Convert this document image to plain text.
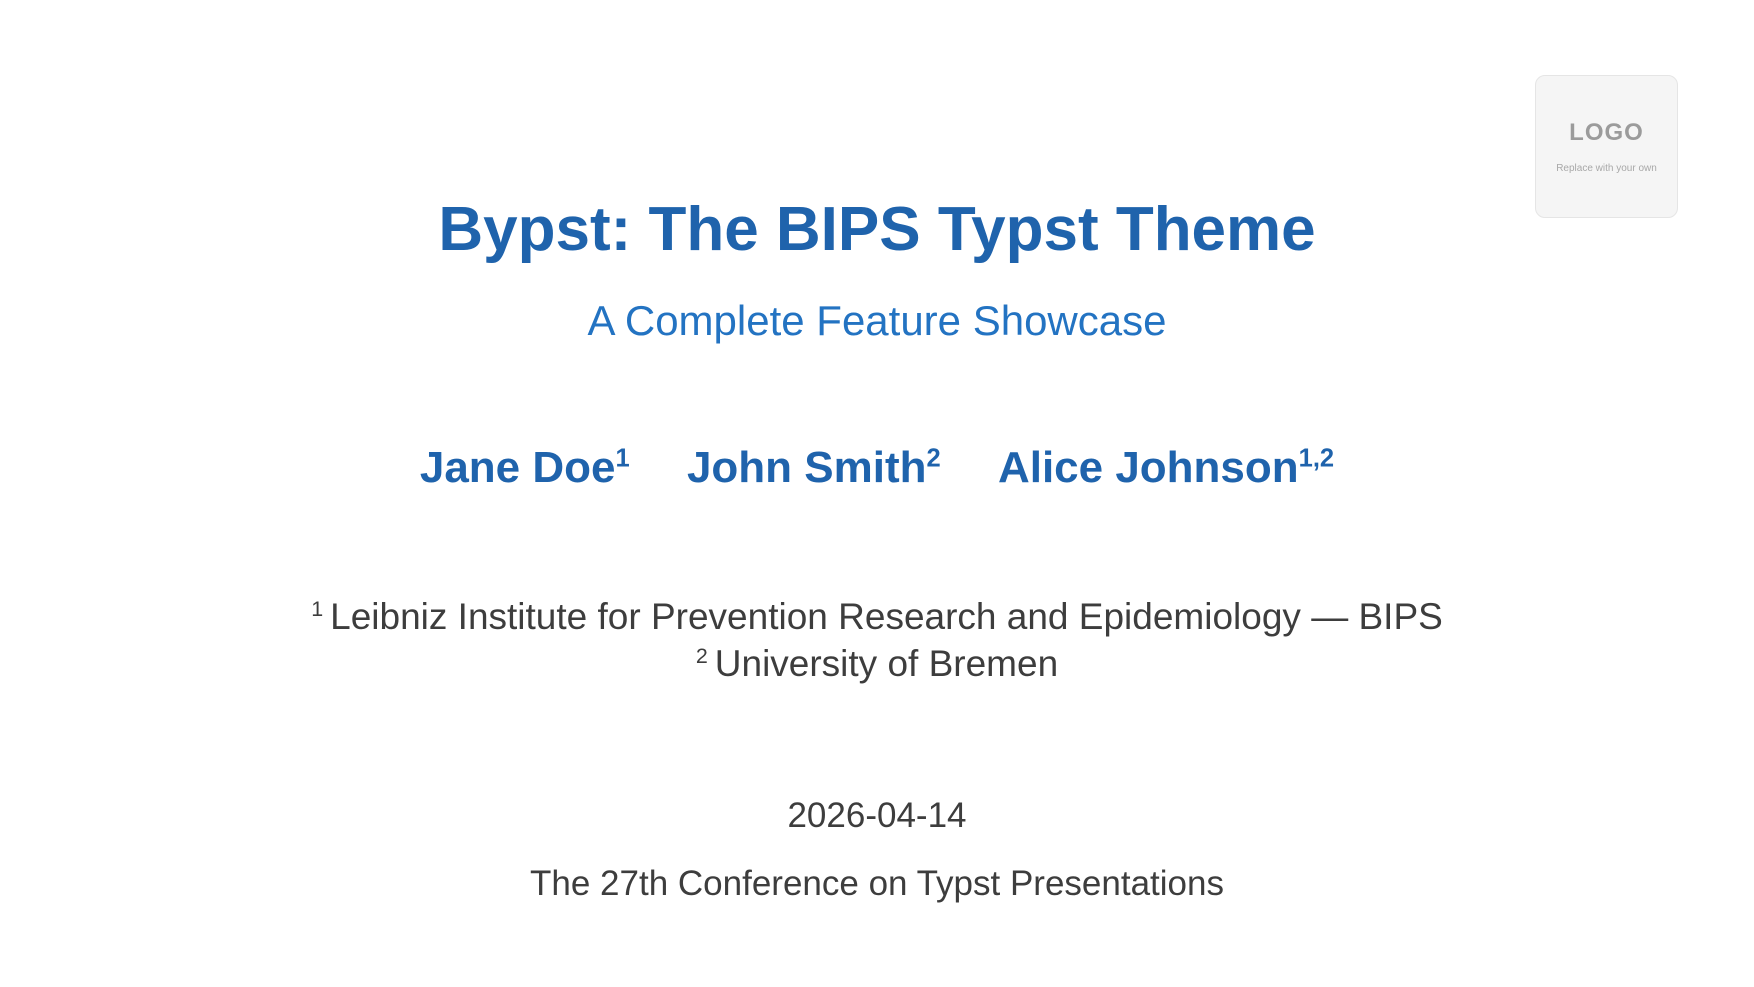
LOGO
Replace with your own
Bypst: The BIPS Typst Theme
A Complete Feature Showcase
Jane Doe$^1$ John Smith$^2$ Alice Johnson$^{1,2}$
$^1$ Leibniz Institute for Prevention Research and Epidemiology — BIPS
$^2$ University of Bremen
2026-04-14
The 27th Conference on Typst Presentations
